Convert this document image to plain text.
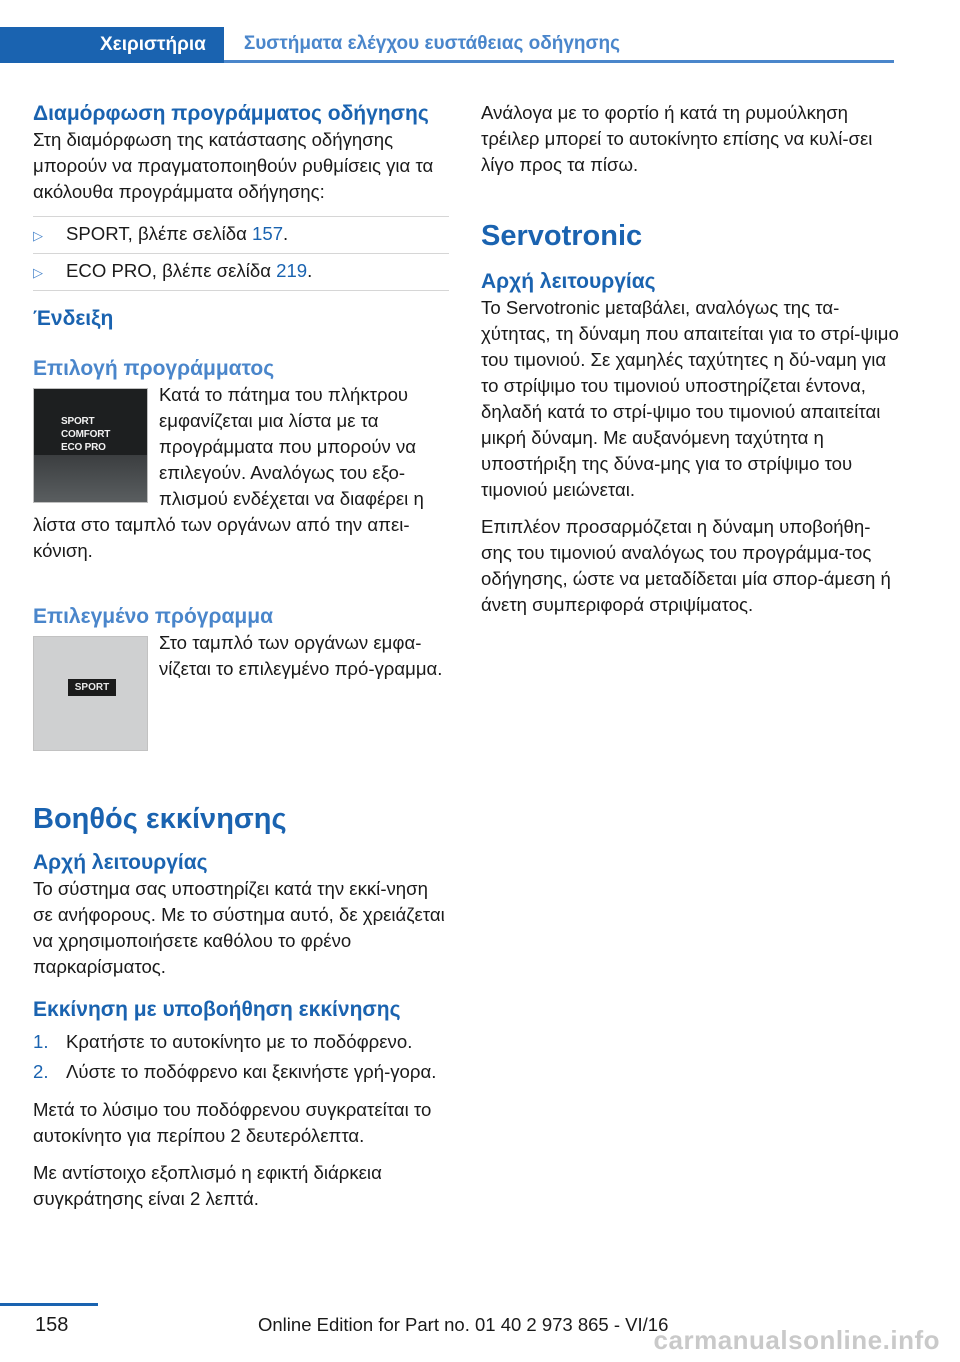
Χειριστήρια	Συστήματα ελέγχου ευστάθειας οδήγησης
Διαμόρφωση προγράμματος οδήγησης

Στη διαμόρφωση της κατάστασης οδήγησης μπορούν να πραγματοποιηθούν ρυθμίσεις για τα ακόλουθα προγράμματα οδήγησης:

▷	SPORT, βλέπε σελίδα 157.
▷	ECO PRO, βλέπε σελίδα 219.
Ένδειξη
Επιλογή προγράμματος
SPORT
COMFORT
ECO PRO

Κατά το πάτημα του πλήκτρου εμφανίζεται μια λίστα με τα προγράμματα που μπορούν να επιλεγούν. Αναλόγως του εξο-πλισμού ενδέχεται να διαφέρει η λίστα στο ταμπλό των οργάνων από την απει-κόνιση.

Επιλεγμένο πρόγραμμα
SPORT

Στο ταμπλό των οργάνων εμφα-νίζεται το επιλεγμένο πρό-γραμμα.

Βοηθός εκκίνησης
Αρχή λειτουργίας

Το σύστημα σας υποστηρίζει κατά την εκκί-νηση σε ανήφορους. Με το σύστημα αυτό, δε χρειάζεται να χρησιμοποιήσετε καθόλου το φρένο παρκαρίσματος.

Εκκίνηση με υποβοήθηση εκκίνησης
1. Κρατήστε το αυτοκίνητο με το ποδόφρενο.
2. Λύστε το ποδόφρενο και ξεκινήστε γρή-γορα.

Μετά το λύσιμο του ποδόφρενου συγκρατείται το αυτοκίνητο για περίπου 2 δευτερόλεπτα.

Με αντίστοιχο εξοπλισμό η εφικτή διάρκεια συγκράτησης είναι 2 λεπτά.

Ανάλογα με το φορτίο ή κατά τη ρυμούλκηση τρέιλερ μπορεί το αυτοκίνητο επίσης να κυλί-σει λίγο προς τα πίσω.

Servotronic
Αρχή λειτουργίας

Το Servotronic μεταβάλει, αναλόγως της τα-χύτητας, τη δύναμη που απαιτείται για το στρί-ψιμο του τιμονιού. Σε χαμηλές ταχύτητες η δύ-ναμη για το στρίψιμο του τιμονιού υποστηρίζεται έντονα, δηλαδή κατά το στρί-ψιμο του τιμονιού απαιτείται μικρή δύναμη. Με αυξανόμενη ταχύτητα η υποστήριξη της δύνα-μης για το στρίψιμο του τιμονιού μειώνεται.

Επιπλέον προσαρμόζεται η δύναμη υποβοήθη-σης του τιμονιού αναλόγως του προγράμμα-τος οδήγησης, ώστε να μεταδίδεται μία σπορ-άμεση ή άνετη συμπεριφορά στριψίματος.

158	Online Edition for Part no. 01 40 2 973 865 - VI/16
carmanualsonline.info
